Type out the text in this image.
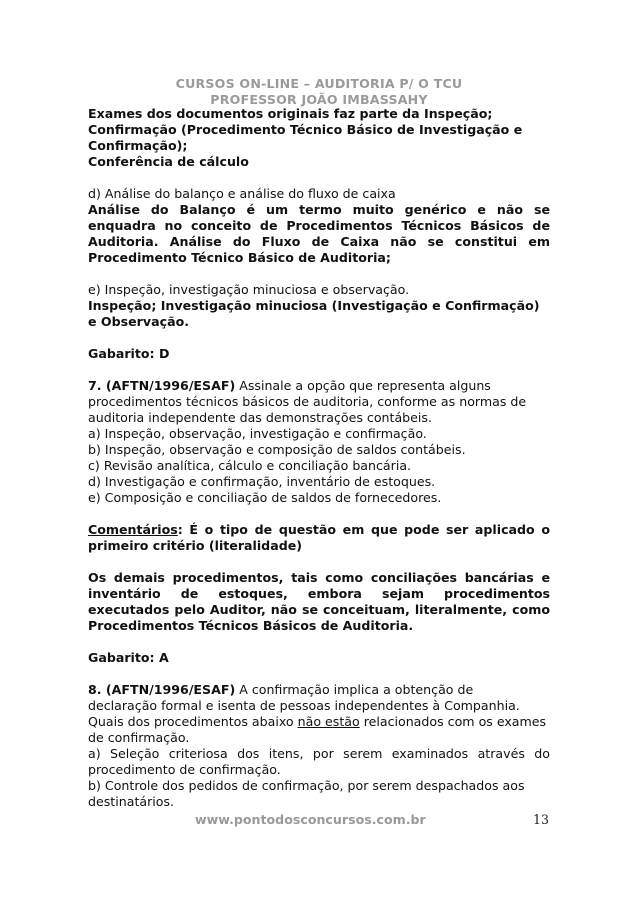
CURSOS ON-LINE – AUDITORIA P/ O TCU
PROFESSOR JOÃO IMBASSAHY

Exames dos documentos originais faz parte da Inspeção;

Confirmação (Procedimento Técnico Básico de Investigação e Confirmação);

Conferência de cálculo

d) Análise do balanço e análise do fluxo de caixa

Análise do Balanço é um termo muito genérico e não se enquadra no conceito de Procedimentos Técnicos Básicos de Auditoria. Análise do Fluxo de Caixa não se constitui em Procedimento Técnico Básico de Auditoria;

e) Inspeção, investigação minuciosa e observação.

Inspeção; Investigação minuciosa (Investigação e Confirmação) e Observação.

Gabarito: D

7. (AFTN/1996/ESAF) Assinale a opção que representa alguns procedimentos técnicos básicos de auditoria, conforme as normas de auditoria independente das demonstrações contábeis.

a) Inspeção, observação, investigação e confirmação.

b) Inspeção, observação e composição de saldos contábeis.

c) Revisão analítica, cálculo e conciliação bancária.

d) Investigação e confirmação, inventário de estoques.

e) Composição e conciliação de saldos de fornecedores.

Comentários: É o tipo de questão em que pode ser aplicado o primeiro critério (literalidade)

Os demais procedimentos, tais como conciliações bancárias e inventário de estoques, embora sejam procedimentos executados pelo Auditor, não se conceituam, literalmente, como Procedimentos Técnicos Básicos de Auditoria.

Gabarito: A

8. (AFTN/1996/ESAF) A confirmação implica a obtenção de

declaração formal e isenta de pessoas independentes à Companhia.

Quais dos procedimentos abaixo não estão relacionados com os exames de confirmação.

a) Seleção criteriosa dos itens, por serem examinados através do procedimento de confirmação.

b) Controle dos pedidos de confirmação, por serem despachados aos destinatários.

www.pontodosconcursos.com.br	13
